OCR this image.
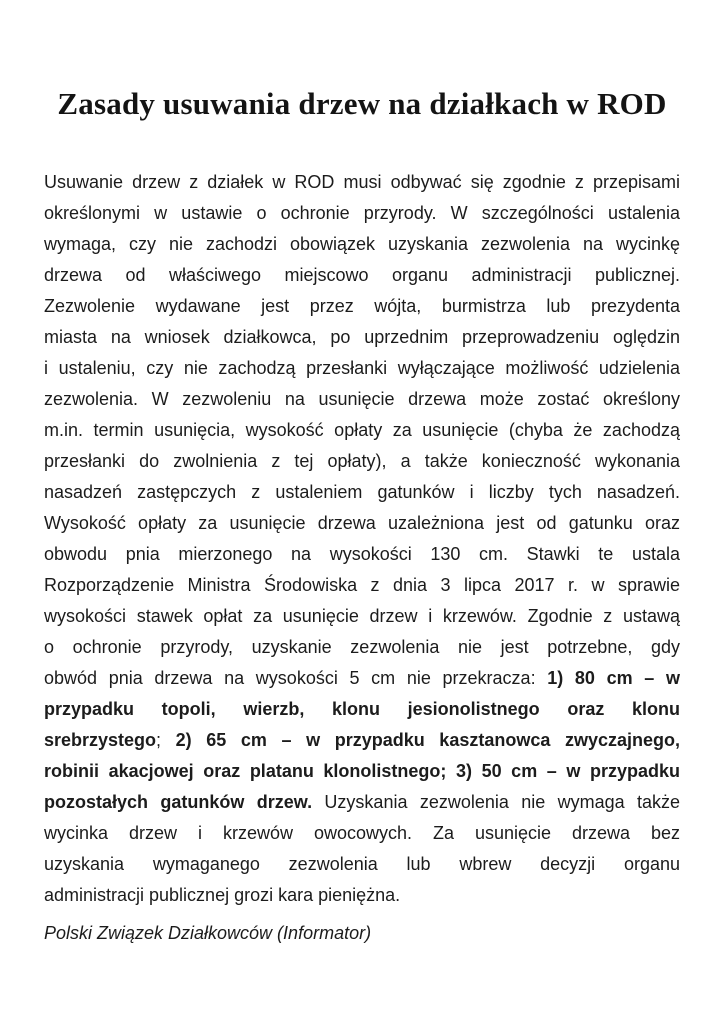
Zasady usuwania drzew na działkach w ROD
Usuwanie drzew z działek w ROD musi odbywać się zgodnie z przepisami
określonymi w ustawie o ochronie przyrody. W szczególności ustalenia
wymaga, czy nie zachodzi obowiązek uzyskania zezwolenia na wycinkę
drzewa od właściwego miejscowo organu administracji publicznej.
Zezwolenie wydawane jest przez wójta, burmistrza lub prezydenta
miasta na wniosek działkowca, po uprzednim przeprowadzeniu oględzin
i ustaleniu, czy nie zachodzą przesłanki wyłączające możliwość udzielenia
zezwolenia. W zezwoleniu na usunięcie drzewa może zostać określony
m.in. termin usunięcia, wysokość opłaty za usunięcie (chyba że zachodzą
przesłanki do zwolnienia z tej opłaty), a także konieczność wykonania
nasadzeń zastępczych z ustaleniem gatunków i liczby tych nasadzeń.
Wysokość opłaty za usunięcie drzewa uzależniona jest od gatunku oraz
obwodu pnia mierzonego na wysokości 130 cm. Stawki te ustala
Rozporządzenie Ministra Środowiska z dnia 3 lipca 2017 r. w sprawie
wysokości stawek opłat za usunięcie drzew i krzewów. Zgodnie z ustawą
o ochronie przyrody, uzyskanie zezwolenia nie jest potrzebne, gdy
obwód pnia drzewa na wysokości 5 cm nie przekracza: 1) 80 cm – w
przypadku topoli, wierzb, klonu jesionolistnego oraz klonu
srebrzystego; 2) 65 cm – w przypadku kasztanowca zwyczajnego,
robinii akacjowej oraz platanu klonolistnego; 3) 50 cm – w przypadku
pozostałych gatunków drzew. Uzyskania zezwolenia nie wymaga także
wycinka drzew i krzewów owocowych. Za usunięcie drzewa bez
uzyskania wymaganego zezwolenia lub wbrew decyzji organu
administracji publicznej grozi kara pieniężna.

Polski Związek Działkowców (Informator)
